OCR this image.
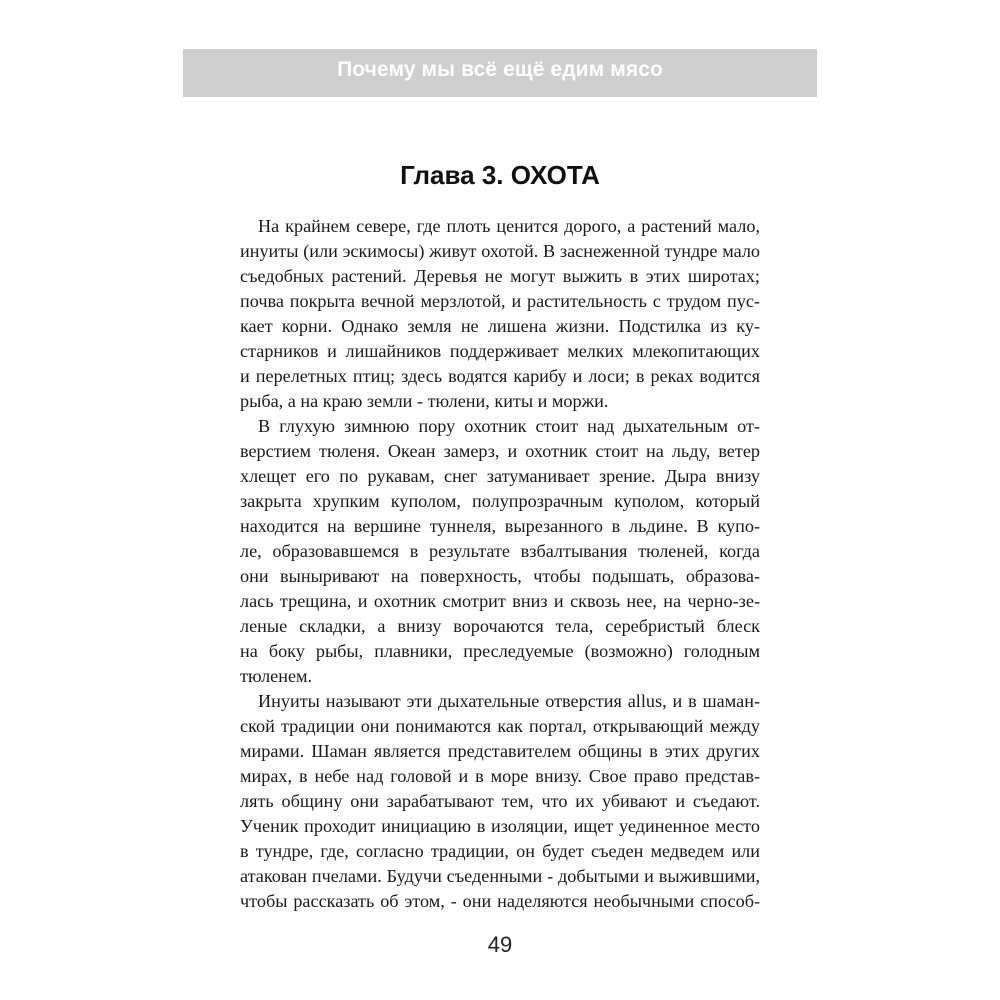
Почему мы всё ещё едим мясо
Глава 3. ОХОТА
На крайнем севере, где плоть ценится дорого, а растений мало,
инуиты (или эскимосы) живут охотой. В заснеженной тундре мало
съедобных растений. Деревья не могут выжить в этих широтах;
почва покрыта вечной мерзлотой, и растительность с трудом пус-
кает корни. Однако земля не лишена жизни. Подстилка из ку-
старников и лишайников поддерживает мелких млекопитающих
и перелетных птиц; здесь водятся карибу и лоси; в реках водится
рыба, а на краю земли - тюлени, киты и моржи.
В глухую зимнюю пору охотник стоит над дыхательным от-
верстием тюленя. Океан замерз, и охотник стоит на льду, ветер
хлещет его по рукавам, снег затуманивает зрение. Дыра внизу
закрыта хрупким куполом, полупрозрачным куполом, который
находится на вершине туннеля, вырезанного в льдине. В купо-
ле, образовавшемся в результате взбалтывания тюленей, когда
они выныривают на поверхность, чтобы подышать, образова-
лась трещина, и охотник смотрит вниз и сквозь нее, на черно-зе-
леные складки, а внизу ворочаются тела, серебристый блеск
на боку рыбы, плавники, преследуемые (возможно) голодным
тюленем.
Инуиты называют эти дыхательные отверстия allus, и в шаман-
ской традиции они понимаются как портал, открывающий между
мирами. Шаман является представителем общины в этих других
мирах, в небе над головой и в море внизу. Свое право представ-
лять общину они зарабатывают тем, что их убивают и съедают.
Ученик проходит инициацию в изоляции, ищет уединенное место
в тундре, где, согласно традиции, он будет съеден медведем или
атакован пчелами. Будучи съеденными - добытыми и выжившими,
чтобы рассказать об этом, - они наделяются необычными способ-
49
